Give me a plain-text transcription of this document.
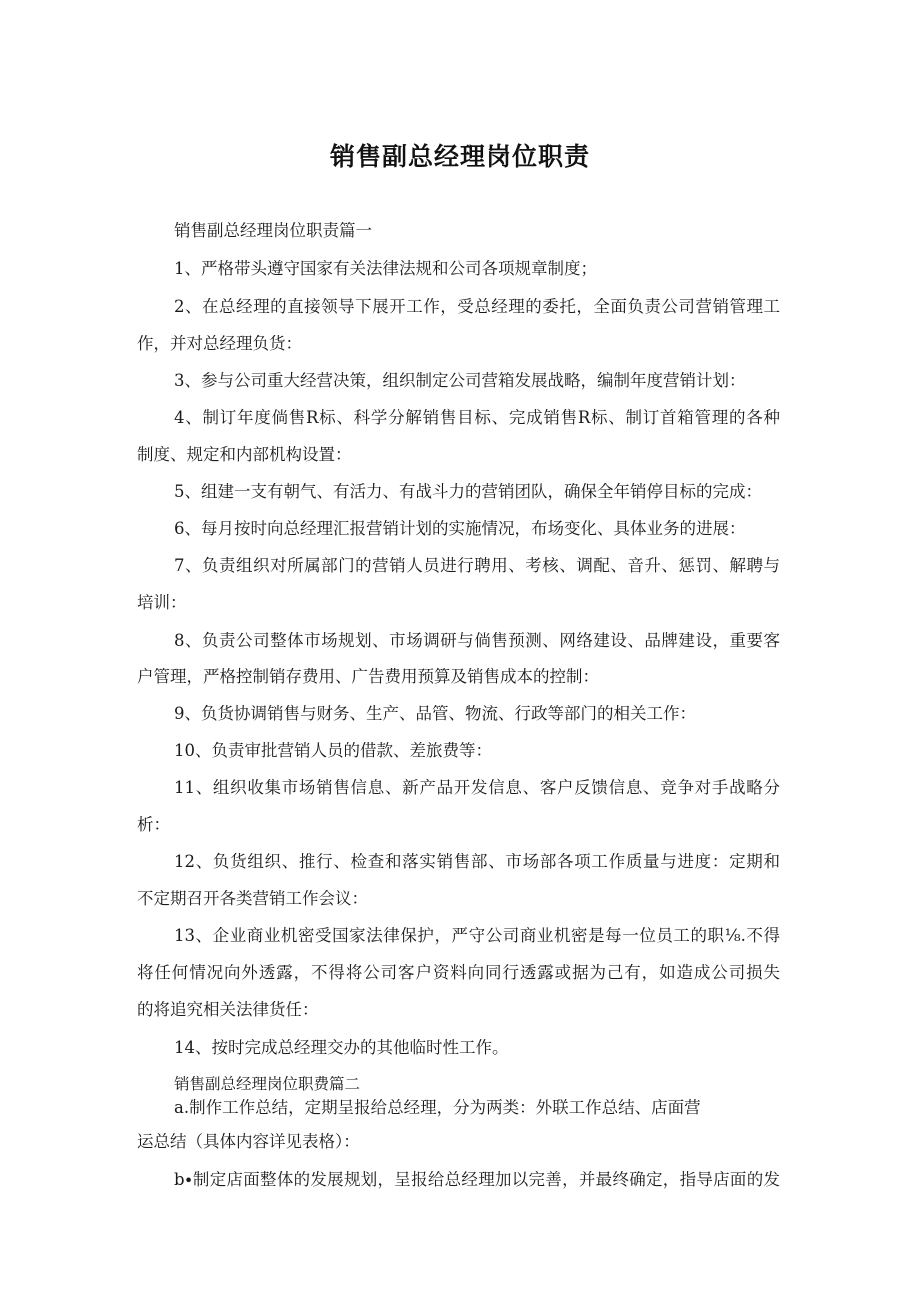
销售副总经理岗位职责
销售副总经理岗位职责篇一
1、严格带头遵守国家有关法律法规和公司各项规章制度；
2、在总经理的直接领导下展开工作，受总经理的委托，全面负责公司营销管理工
作，并对总经理负货：
3、参与公司重大经营决策，组织制定公司营箱发展战略，编制年度营销计划：
4、制订年度倘售R标、科学分解销售目标、完成销售R标、制订首箱管理的各种
制度、规定和内部机构设置：
5、组建一支有朝气、有活力、有战斗力的营销团队，确保全年销停目标的完成：
6、每月按时向总经理汇报营销计划的实施情况，布场变化、具体业务的进展：
7、负责组织对所属部门的营销人员进行聘用、考核、调配、音升、惩罚、解聘与
培训：
8、负责公司整体市场规划、市场调研与倘售预测、网络建设、品牌建设，重要客
户管理，严格控制销存费用、广告费用预算及销售成本的控制：
9、负货协调销售与财务、生产、品管、物流、行政等部门的相关工作：
10、负责审批营销人员的借款、差旅费等：
11、组织收集市场销售信息、新产品开发信息、客户反馈信息、竞争对手战略分
析：
12、负货组织、推行、检查和落实销售部、市场部各项工作质量与进度：定期和
不定期召开各类营销工作会议：
13、企业商业机密受国家法律保护，严守公司商业机密是每一位员工的职⅛.不得
将任何情况向外透露，不得将公司客户资料向同行透露或据为己有，如造成公司损失
的将追究相关法律货任：
14、按时完成总经理交办的其他临时性工作。
销售副总经理岗位职费篇二
a.制作工作总结，定期呈报给总经理，分为两类：外联工作总结、店面营
运总结（具体内容详见表格）：
b∙制定店面整体的发展规划，呈报给总经理加以完善，并最终确定，指导店面的发
